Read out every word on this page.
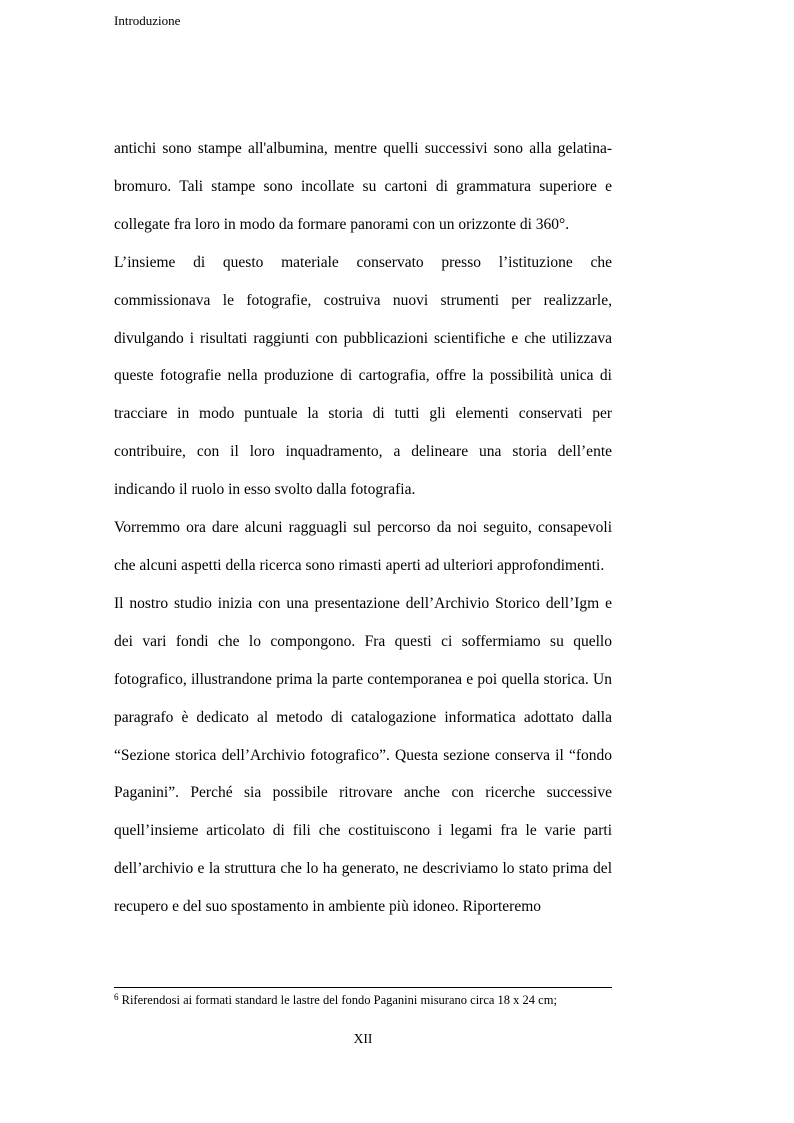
Introduzione

antichi sono stampe all'albumina, mentre quelli successivi sono alla gelatina-bromuro. Tali stampe sono incollate su cartoni di grammatura superiore e collegate fra loro in modo da formare panorami con un orizzonte di 360°.

L’insieme di questo materiale conservato presso l’istituzione che commissionava le fotografie, costruiva nuovi strumenti per realizzarle, divulgando i risultati raggiunti con pubblicazioni scientifiche e che utilizzava queste fotografie nella produzione di cartografia, offre la possibilità unica di tracciare in modo puntuale la storia di tutti gli elementi conservati per contribuire, con il loro inquadramento, a delineare una storia dell’ente indicando il ruolo in esso svolto dalla fotografia.

Vorremmo ora dare alcuni ragguagli sul percorso da noi seguito, consapevoli che alcuni aspetti della ricerca sono rimasti aperti ad ulteriori approfondimenti.

Il nostro studio inizia con una presentazione dell’Archivio Storico dell’Igm e dei vari fondi che lo compongono. Fra questi ci soffermiamo su quello fotografico, illustrandone prima la parte contemporanea e poi quella storica. Un paragrafo è dedicato al metodo di catalogazione informatica adottato dalla “Sezione storica dell’Archivio fotografico”. Questa sezione conserva il “fondo Paganini”. Perché sia possibile ritrovare anche con ricerche successive quell’insieme articolato di fili che costituiscono i legami fra le varie parti dell’archivio e la struttura che lo ha generato, ne descriviamo lo stato prima del recupero e del suo spostamento in ambiente più idoneo. Riporteremo

$^6$ Riferendosi ai formati standard le lastre del fondo Paganini misurano circa 18 x 24 cm;
XII
